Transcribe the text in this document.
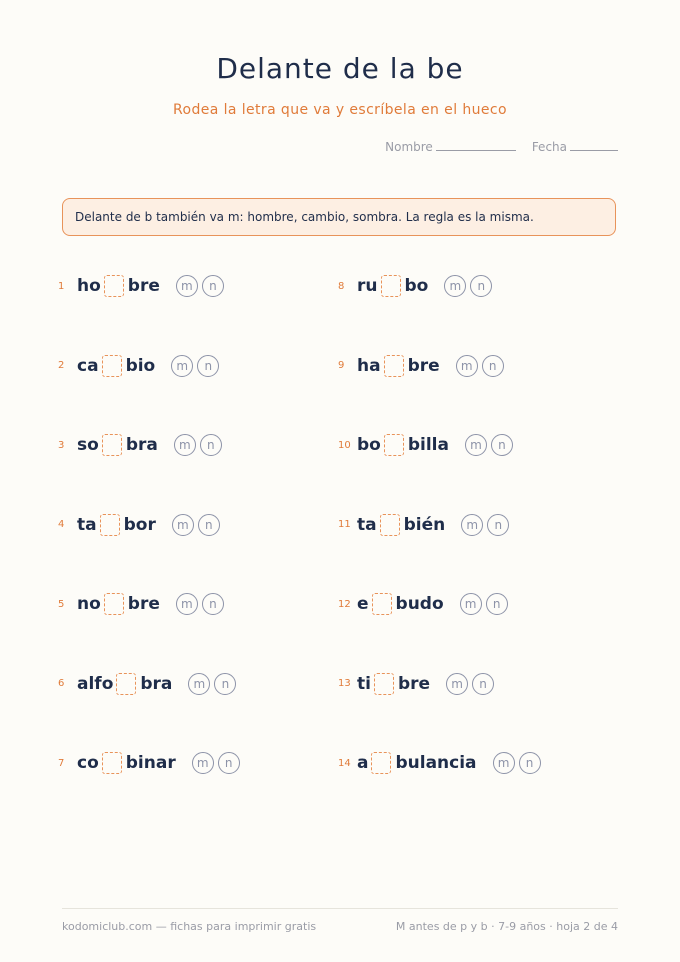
Delante de la be
Rodea la letra que va y escríbela en el hueco
Nombre	Fecha
Delante de b también va m: hombre, cambio, sombra. La regla es la misma.
1 ho bre	m	n
2 ca bio	m	n
3 so bra	m	n
4 ta bor	m	n
5 no bre	m	n
6 alfo bra	m	n
7 co binar	m	n
8 ru bo	m	n
9 ha bre	m	n
10 bo billa	m	n
11 ta bién	m	n
12 e budo	m	n
13 ti bre	m	n
14 a bulancia	m	n
kodomiclub.com — fichas para imprimir gratis	M antes de p y b · 7-9 años · hoja 2 de 4
